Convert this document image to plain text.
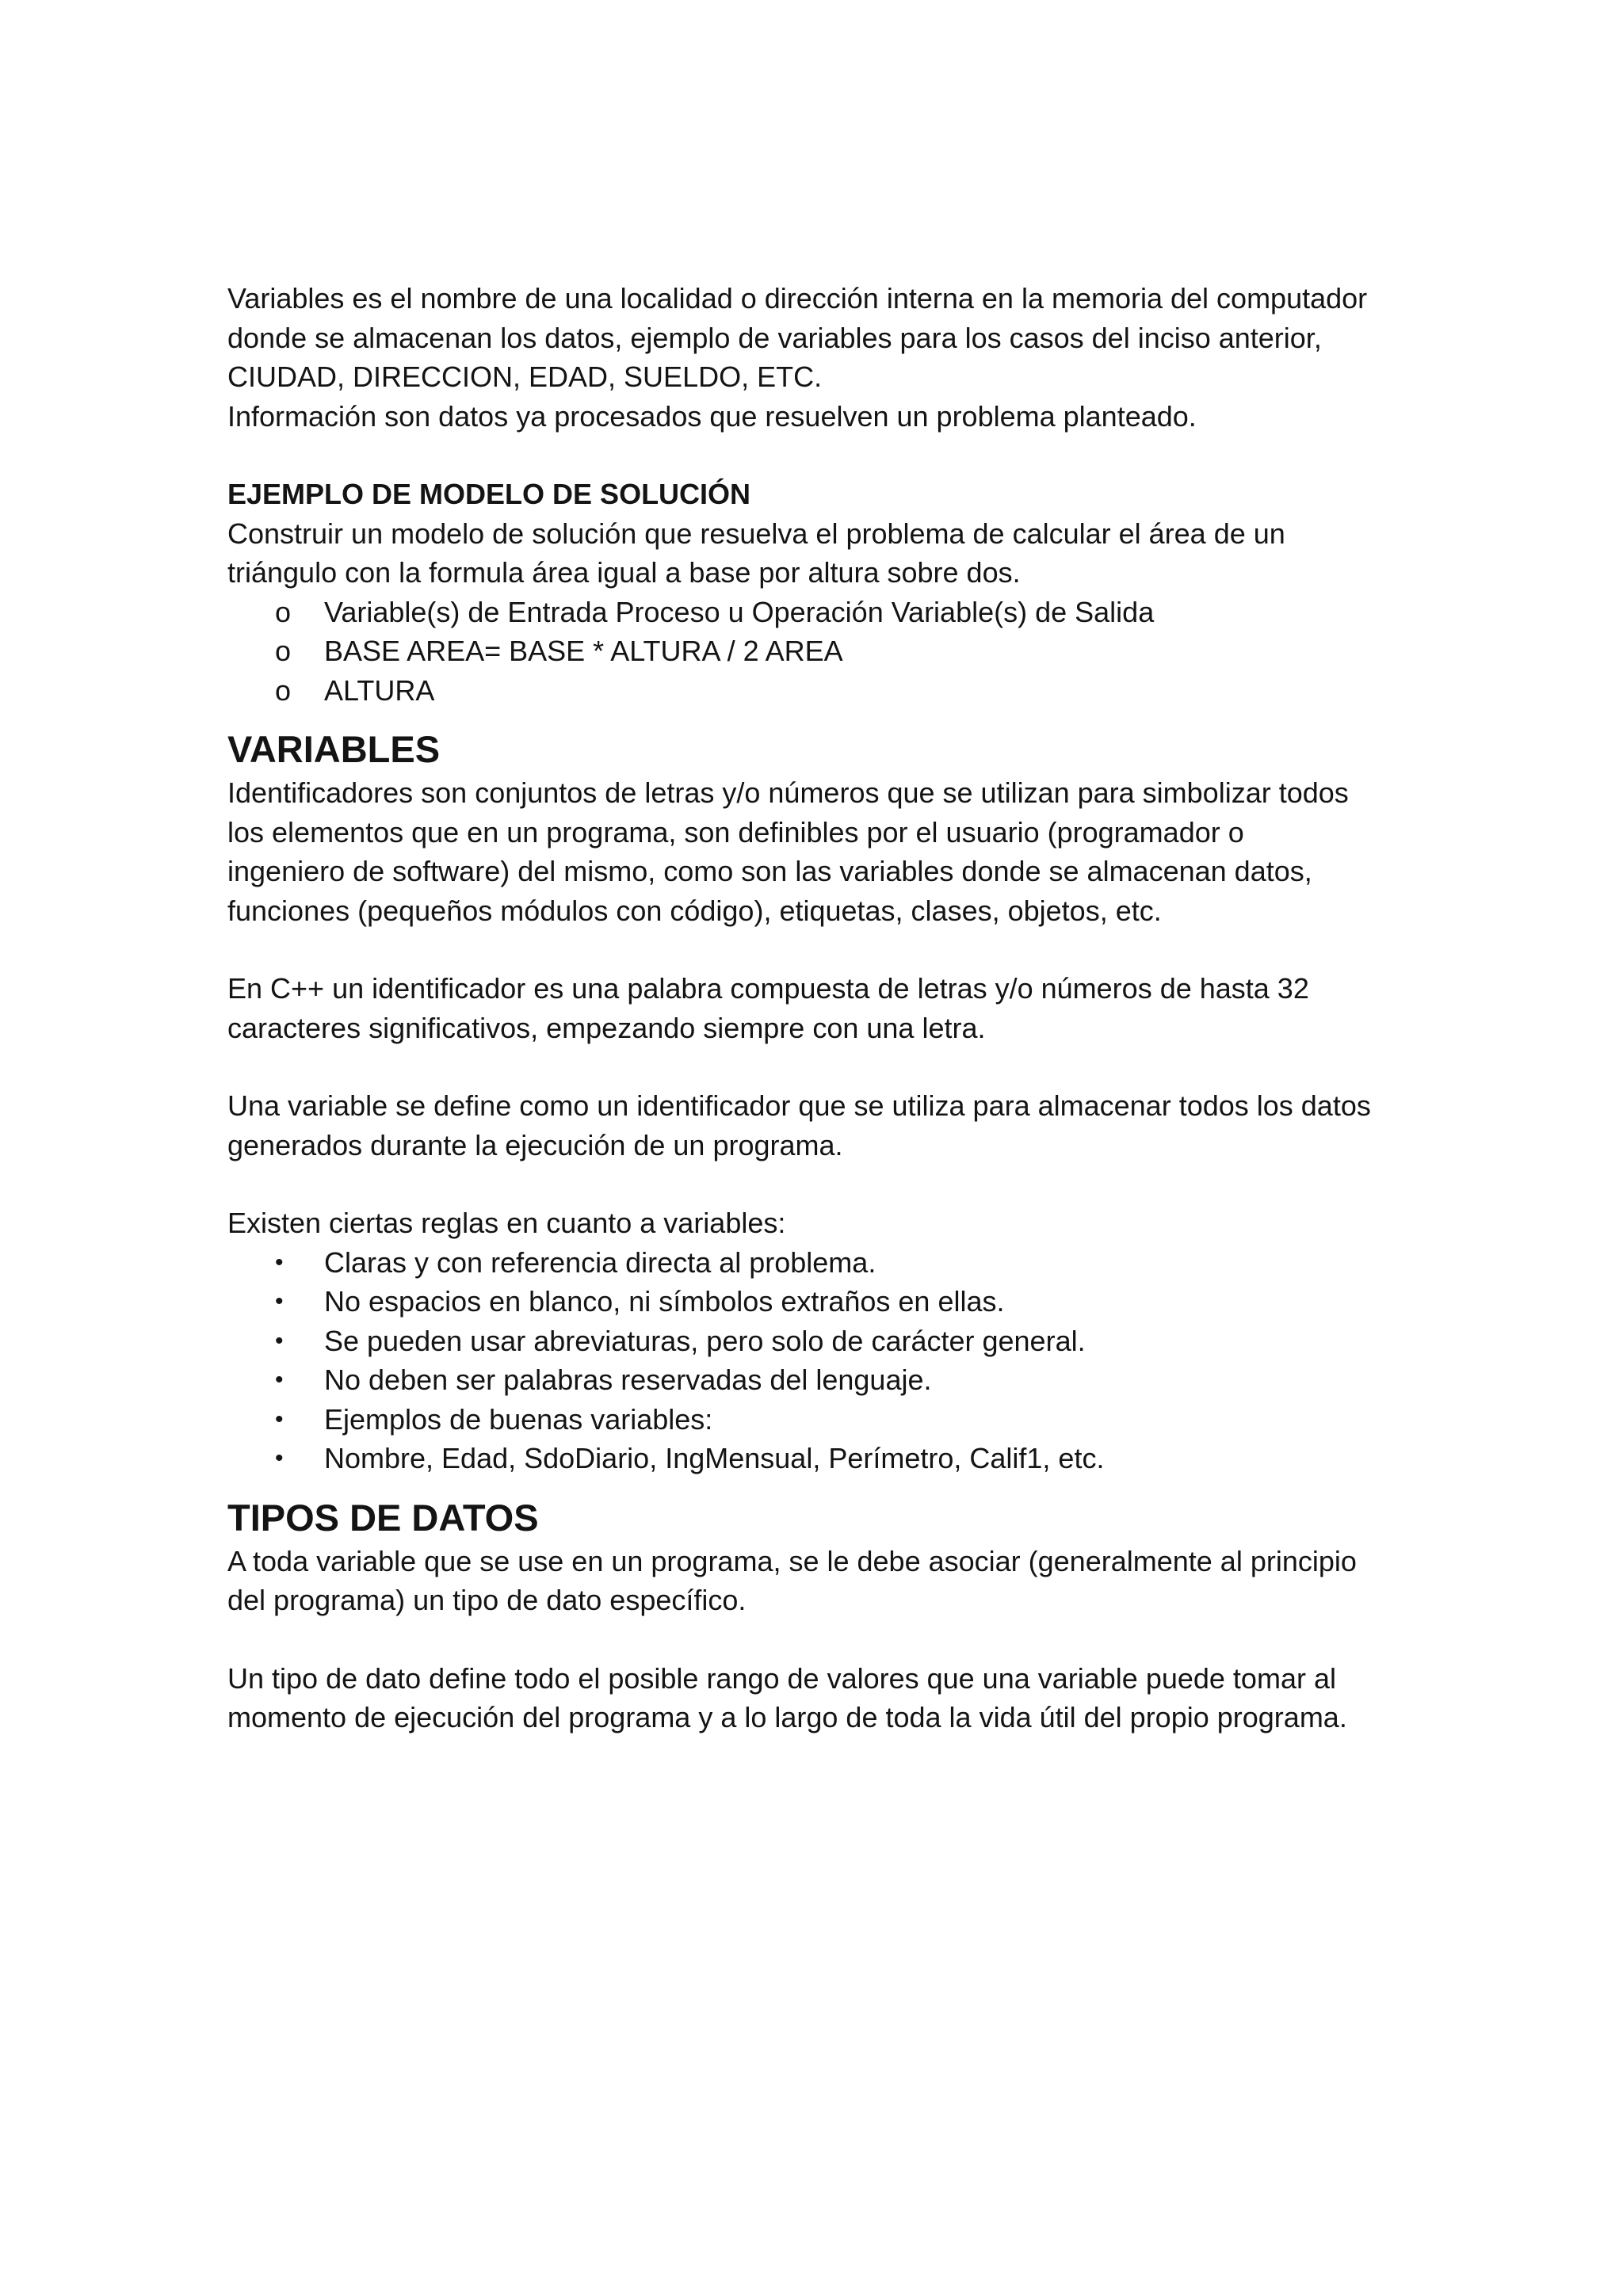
Variables es el nombre de una localidad o dirección interna en la memoria del computador

donde se almacenan los datos, ejemplo de variables para los casos del inciso anterior,

CIUDAD, DIRECCION, EDAD, SUELDO, ETC.

Información son datos ya procesados que resuelven un problema planteado.

EJEMPLO DE MODELO DE SOLUCIÓN

Construir un modelo de solución que resuelva el problema de calcular el área de un

triángulo con la formula área igual a base por altura sobre dos.

o	Variable(s) de Entrada Proceso u Operación Variable(s) de Salida
o	BASE AREA= BASE * ALTURA / 2 AREA
o	ALTURA
VARIABLES

Identificadores son conjuntos de letras y/o números que se utilizan para simbolizar todos

los elementos que en un programa, son definibles por el usuario (programador o

ingeniero de software) del mismo, como son las variables donde se almacenan datos,

funciones (pequeños módulos con código), etiquetas, clases, objetos, etc.

En C++ un identificador es una palabra compuesta de letras y/o números de hasta 32

caracteres significativos, empezando siempre con una letra.

Una variable se define como un identificador que se utiliza para almacenar todos los datos

generados durante la ejecución de un programa.

Existen ciertas reglas en cuanto a variables:

•	Claras y con referencia directa al problema.
•	No espacios en blanco, ni símbolos extraños en ellas.
•	Se pueden usar abreviaturas, pero solo de carácter general.
•	No deben ser palabras reservadas del lenguaje.
•	Ejemplos de buenas variables:
•	Nombre, Edad, SdoDiario, IngMensual, Perímetro, Calif1, etc.
TIPOS DE DATOS

A toda variable que se use en un programa, se le debe asociar (generalmente al principio

del programa) un tipo de dato específico.

Un tipo de dato define todo el posible rango de valores que una variable puede tomar al

momento de ejecución del programa y a lo largo de toda la vida útil del propio programa.
